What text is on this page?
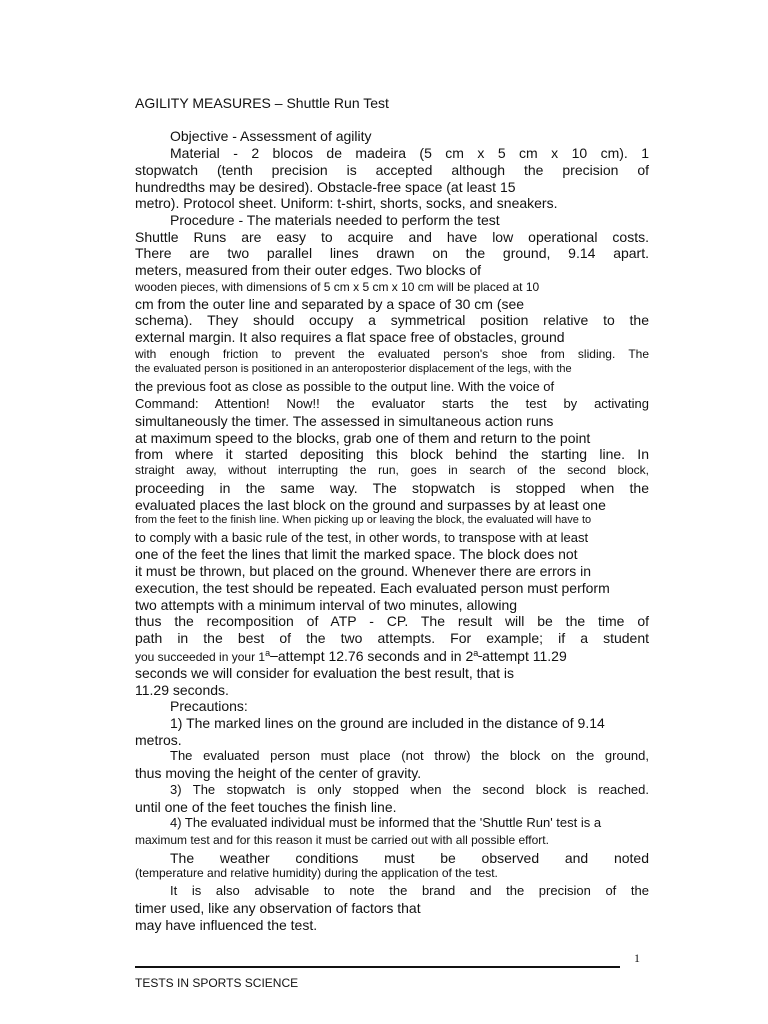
AGILITY MEASURES – Shuttle Run Test
Objective - Assessment of agility
Material - 2 blocos de madeira (5 cm x 5 cm x 10 cm). 1
stopwatch (tenth precision is accepted although the precision of
hundredths may be desired). Obstacle-free space (at least 15
metro). Protocol sheet. Uniform: t-shirt, shorts, socks, and sneakers.
Procedure - The materials needed to perform the test
Shuttle Runs are easy to acquire and have low operational costs.
There are two parallel lines drawn on the ground, 9.14 apart.
meters, measured from their outer edges. Two blocks of
wooden pieces, with dimensions of 5 cm x 5 cm x 10 cm will be placed at 10
cm from the outer line and separated by a space of 30 cm (see
schema). They should occupy a symmetrical position relative to the
external margin. It also requires a flat space free of obstacles, ground
with enough friction to prevent the evaluated person's shoe from sliding. The
the evaluated person is positioned in an anteroposterior displacement of the legs, with the
the previous foot as close as possible to the output line. With the voice of
Command: Attention! Now!! the evaluator starts the test by activating
simultaneously the timer. The assessed in simultaneous action runs
at maximum speed to the blocks, grab one of them and return to the point
from where it started depositing this block behind the starting line. In
straight away, without interrupting the run, goes in search of the second block,
proceeding in the same way. The stopwatch is stopped when the
evaluated places the last block on the ground and surpasses by at least one
from the feet to the finish line. When picking up or leaving the block, the evaluated will have to
to comply with a basic rule of the test, in other words, to transpose with at least
one of the feet the lines that limit the marked space. The block does not
it must be thrown, but placed on the ground. Whenever there are errors in
execution, the test should be repeated. Each evaluated person must perform
two attempts with a minimum interval of two minutes, allowing
thus the recomposition of ATP - CP. The result will be the time of
path in the best of the two attempts. For example; if a student
you succeeded in your 1$^a$ attempt 12.76 seconds and in 2$^a$ attempt 11.29
seconds we will consider for evaluation the best result, that is
11.29 seconds.
Precautions:
1) The marked lines on the ground are included in the distance of 9.14
metros.
The evaluated person must place (not throw) the block on the ground,
thus moving the height of the center of gravity.
3) The stopwatch is only stopped when the second block is reached.
until one of the feet touches the finish line.
4) The evaluated individual must be informed that the 'Shuttle Run' test is a
maximum test and for this reason it must be carried out with all possible effort.
The weather conditions must be observed and noted
(temperature and relative humidity) during the application of the test.
It is also advisable to note the brand and the precision of the
timer used, like any observation of factors that
may have influenced the test.
1
TESTS IN SPORTS SCIENCE
